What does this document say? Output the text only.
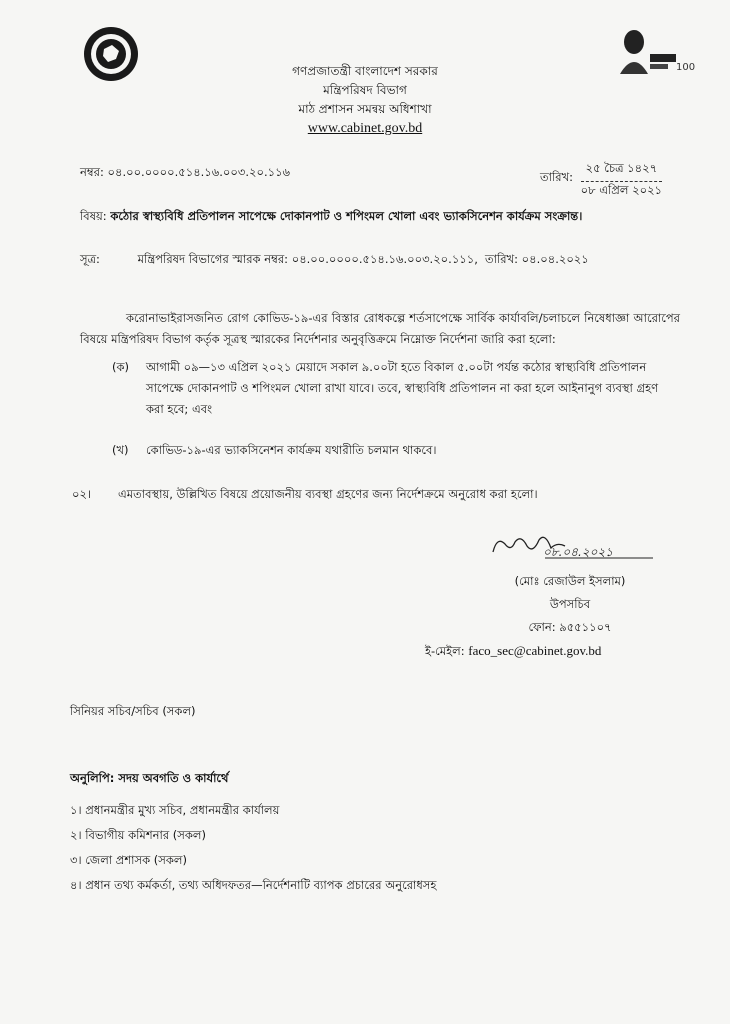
100
গণপ্রজাতন্ত্রী বাংলাদেশ সরকার
মন্ত্রিপরিষদ বিভাগ
মাঠ প্রশাসন সমন্বয় অধিশাখা
www.cabinet.gov.bd
নম্বর: ০৪.০০.০০০০.৫১৪.১৬.০০৩.২০.১১৬	তারিখ:
২৫ চৈত্র ১৪২৭
০৮ এপ্রিল ২০২১
বিষয়: কঠোর স্বাস্থ্যবিধি প্রতিপালন সাপেক্ষে দোকানপাট ও শপিংমল খোলা এবং ভ্যাকসিনেশন কার্যক্রম সংক্রান্ত।
সূত্র:	মন্ত্রিপরিষদ বিভাগের স্মারক নম্বর: ০৪.০০.০০০০.৫১৪.১৬.০০৩.২০.১১১, তারিখ: ০৪.০৪.২০২১
করোনাভাইরাসজনিত রোগ কোভিড-১৯-এর বিস্তার রোধকল্পে শর্তসাপেক্ষে সার্বিক কার্যাবলি/চলাচলে নিষেধাজ্ঞা আরোপের বিষয়ে মন্ত্রিপরিষদ বিভাগ কর্তৃক সূত্রস্থ স্মারকের নির্দেশনার অনুবৃত্তিক্রমে নিম্নোক্ত নির্দেশনা জারি করা হলো:
(ক) আগামী ০৯—১৩ এপ্রিল ২০২১ মেয়াদে সকাল ৯.০০টা হতে বিকাল ৫.০০টা পর্যন্ত কঠোর স্বাস্থ্যবিধি প্রতিপালন সাপেক্ষে দোকানপাট ও শপিংমল খোলা রাখা যাবে। তবে, স্বাস্থ্যবিধি প্রতিপালন না করা হলে আইনানুগ ব্যবস্থা গ্রহণ করা হবে; এবং
(খ) কোভিড-১৯-এর ভ্যাকসিনেশন কার্যক্রম যথারীতি চলমান থাকবে।
০২। এমতাবস্থায়, উল্লিখিত বিষয়ে প্রয়োজনীয় ব্যবস্থা গ্রহণের জন্য নির্দেশক্রমে অনুরোধ করা হলো।
০৮.০৪.২০২১
(মোঃ রেজাউল ইসলাম)
উপসচিব
ফোন: ৯৫৫১১০৭
ই-মেইল: faco_sec@cabinet.gov.bd
সিনিয়র সচিব/সচিব (সকল)
অনুলিপি: সদয় অবগতি ও কার্যার্থে
১। প্রধানমন্ত্রীর মুখ্য সচিব, প্রধানমন্ত্রীর কার্যালয়
২। বিভাগীয় কমিশনার (সকল)
৩। জেলা প্রশাসক (সকল)
৪। প্রধান তথ্য কর্মকর্তা, তথ্য অধিদফতর—নির্দেশনাটি ব্যাপক প্রচারের অনুরোধসহ
